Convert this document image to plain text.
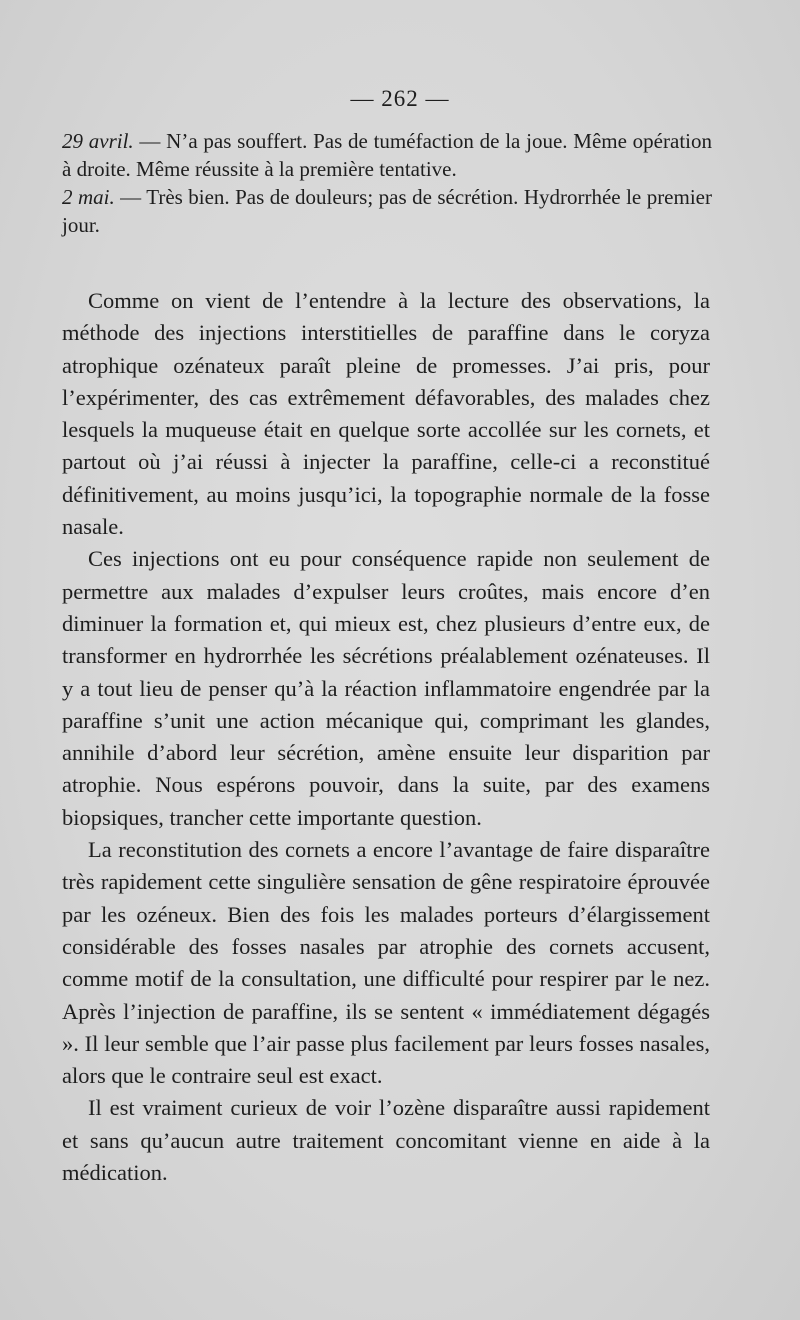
— 262 —
29 avril. — N’a pas souffert. Pas de tuméfaction de la joue. Même opération à droite. Même réussite à la première tentative.
2 mai. — Très bien. Pas de douleurs; pas de sécrétion. Hydrorrhée le premier jour.

Comme on vient de l’entendre à la lecture des observations, la méthode des injections interstitielles de paraffine dans le coryza atrophique ozénateux paraît pleine de promesses. J’ai pris, pour l’expérimenter, des cas extrêmement défavorables, des malades chez lesquels la muqueuse était en quelque sorte accollée sur les cornets, et partout où j’ai réussi à injecter la paraffine, celle-ci a reconstitué définitivement, au moins jusqu’ici, la topographie normale de la fosse nasale.

Ces injections ont eu pour conséquence rapide non seulement de permettre aux malades d’expulser leurs croûtes, mais encore d’en diminuer la formation et, qui mieux est, chez plusieurs d’entre eux, de transformer en hydrorrhée les sécrétions préalablement ozénateuses. Il y a tout lieu de penser qu’à la réaction inflammatoire engendrée par la paraffine s’unit une action mécanique qui, comprimant les glandes, annihile d’abord leur sécrétion, amène ensuite leur disparition par atrophie. Nous espérons pouvoir, dans la suite, par des examens biopsiques, trancher cette importante question.

La reconstitution des cornets a encore l’avantage de faire disparaître très rapidement cette singulière sensation de gêne respiratoire éprouvée par les ozéneux. Bien des fois les malades porteurs d’élargissement considérable des fosses nasales par atrophie des cornets accusent, comme motif de la consultation, une difficulté pour respirer par le nez. Après l’injection de paraffine, ils se sentent « immédiatement dégagés ». Il leur semble que l’air passe plus facilement par leurs fosses nasales, alors que le contraire seul est exact.

Il est vraiment curieux de voir l’ozène disparaître aussi rapidement et sans qu’aucun autre traitement concomitant vienne en aide à la médication.
